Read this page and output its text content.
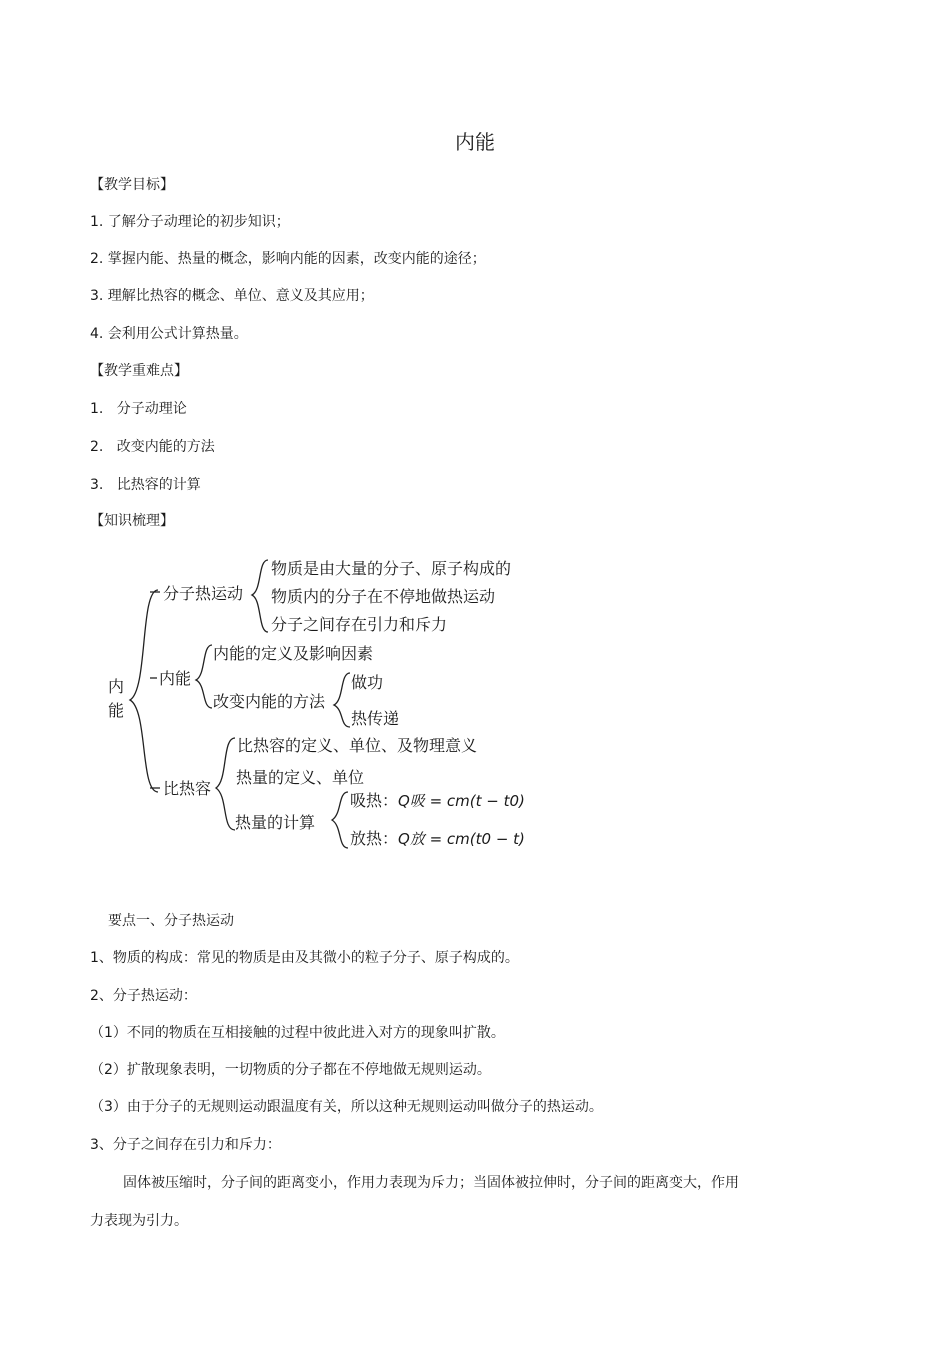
内能
【教学目标】
1. 了解分子动理论的初步知识；
2. 掌握内能、热量的概念，影响内能的因素，改变内能的途径；
3. 理解比热容的概念、单位、意义及其应用；
4. 会利用公式计算热量。
【教学重难点】
1.   分子动理论
2.   改变内能的方法
3.   比热容的计算
【知识梳理】
内
能
分子热运动
物质是由大量的分子、原子构成的
物质内的分子在不停地做热运动
分子之间存在引力和斥力
内能
内能的定义及影响因素
改变内能的方法
做功
热传递
比热容
比热容的定义、单位、及物理意义
热量的定义、单位
热量的计算
吸热： Q吸 = cm(t − t0)
放热： Q放 = cm(t0 − t)
要点一、分子热运动
1、物质的构成：常见的物质是由及其微小的粒子分子、原子构成的。
2、分子热运动：
（1）不同的物质在互相接触的过程中彼此进入对方的现象叫扩散。
（2）扩散现象表明，一切物质的分子都在不停地做无规则运动。
（3）由于分子的无规则运动跟温度有关，所以这种无规则运动叫做分子的热运动。
3、分子之间存在引力和斥力：
固体被压缩时，分子间的距离变小，作用力表现为斥力；当固体被拉伸时，分子间的距离变大，作用
力表现为引力。
